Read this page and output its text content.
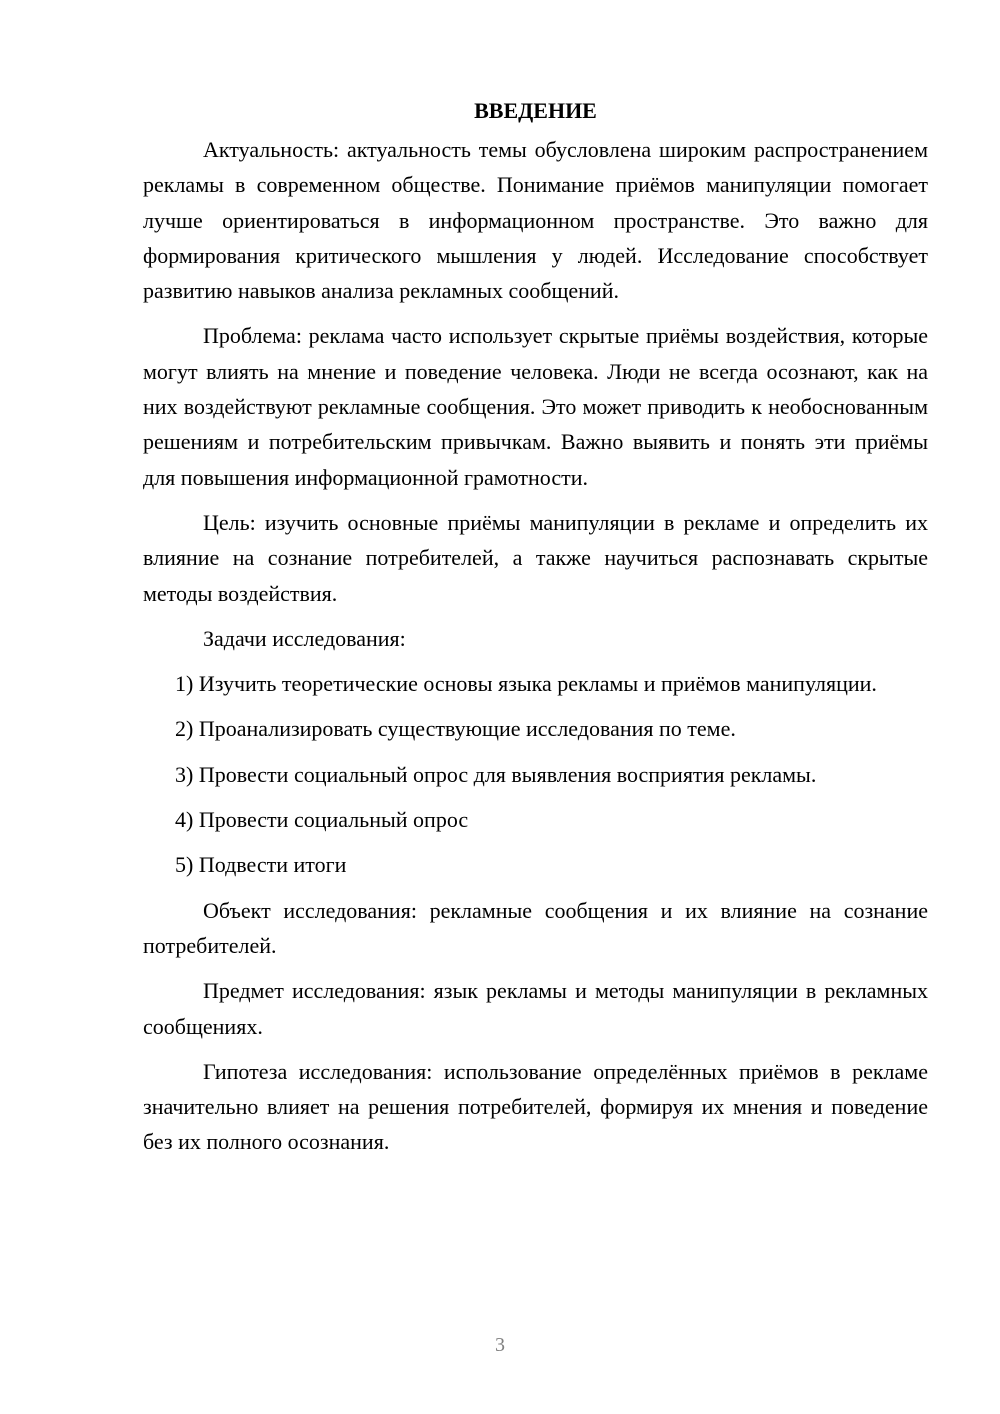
ВВЕДЕНИЕ

Актуальность: актуальность темы обусловлена широким распространением рекламы в современном обществе. Понимание приёмов манипуляции помогает лучше ориентироваться в информационном пространстве. Это важно для формирования критического мышления у людей. Исследование способствует развитию навыков анализа рекламных сообщений.

Проблема: реклама часто использует скрытые приёмы воздействия, которые могут влиять на мнение и поведение человека. Люди не всегда осознают, как на них воздействуют рекламные сообщения. Это может приводить к необоснованным решениям и потребительским привычкам. Важно выявить и понять эти приёмы для повышения информационной грамотности.

Цель: изучить основные приёмы манипуляции в рекламе и определить их влияние на сознание потребителей, а также научиться распознавать скрытые методы воздействия.

Задачи исследования:

1) Изучить теоретические основы языка рекламы и приёмов манипуляции.

2) Проанализировать существующие исследования по теме.

3) Провести социальный опрос для выявления восприятия рекламы.

4) Провести социальный опрос

5) Подвести итоги

Объект исследования: рекламные сообщения и их влияние на сознание потребителей.

Предмет исследования: язык рекламы и методы манипуляции в рекламных сообщениях.

Гипотеза исследования: использование определённых приёмов в рекламе значительно влияет на решения потребителей, формируя их мнения и поведение без их полного осознания.

3
